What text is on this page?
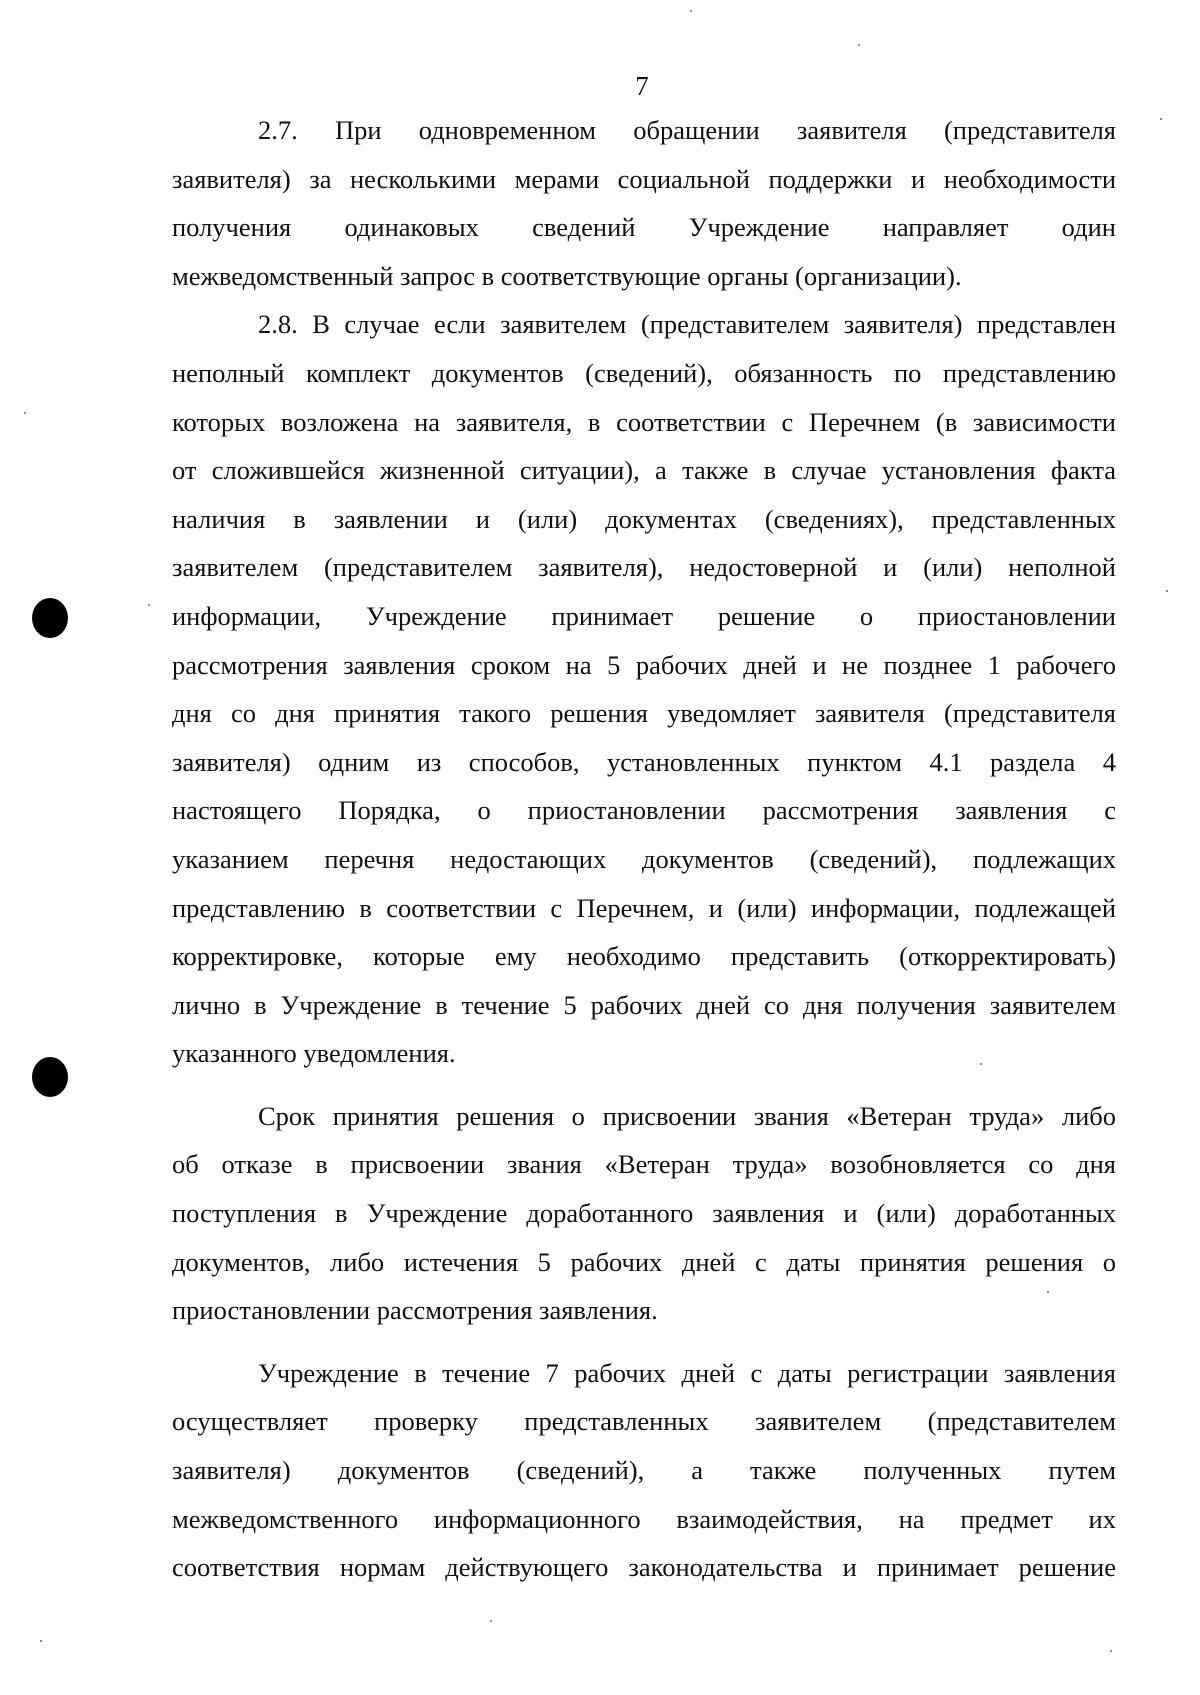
7
2.7. При одновременном обращении заявителя (представителя
заявителя) за несколькими мерами социальной поддержки и необходимости
получения одинаковых сведений Учреждение направляет один
межведомственный запрос в соответствующие органы (организации).
2.8. В случае если заявителем (представителем заявителя) представлен
неполный комплект документов (сведений), обязанность по представлению
которых возложена на заявителя, в соответствии с Перечнем (в зависимости
от сложившейся жизненной ситуации), а также в случае установления факта
наличия в заявлении и (или) документах (сведениях), представленных
заявителем (представителем заявителя), недостоверной и (или) неполной
информации, Учреждение принимает решение о приостановлении
рассмотрения заявления сроком на 5 рабочих дней и не позднее 1 рабочего
дня со дня принятия такого решения уведомляет заявителя (представителя
заявителя) одним из способов, установленных пунктом 4.1 раздела 4
настоящего Порядка, о приостановлении рассмотрения заявления с
указанием перечня недостающих документов (сведений), подлежащих
представлению в соответствии с Перечнем, и (или) информации, подлежащей
корректировке, которые ему необходимо представить (откорректировать)
лично в Учреждение в течение 5 рабочих дней со дня получения заявителем
указанного уведомления.
Срок принятия решения о присвоении звания «Ветеран труда» либо
об отказе в присвоении звания «Ветеран труда» возобновляется со дня
поступления в Учреждение доработанного заявления и (или) доработанных
документов, либо истечения 5 рабочих дней с даты принятия решения о
приостановлении рассмотрения заявления.
Учреждение в течение 7 рабочих дней с даты регистрации заявления
осуществляет проверку представленных заявителем (представителем
заявителя) документов (сведений), а также полученных путем
межведомственного информационного взаимодействия, на предмет их
соответствия нормам действующего законодательства и принимает решение
